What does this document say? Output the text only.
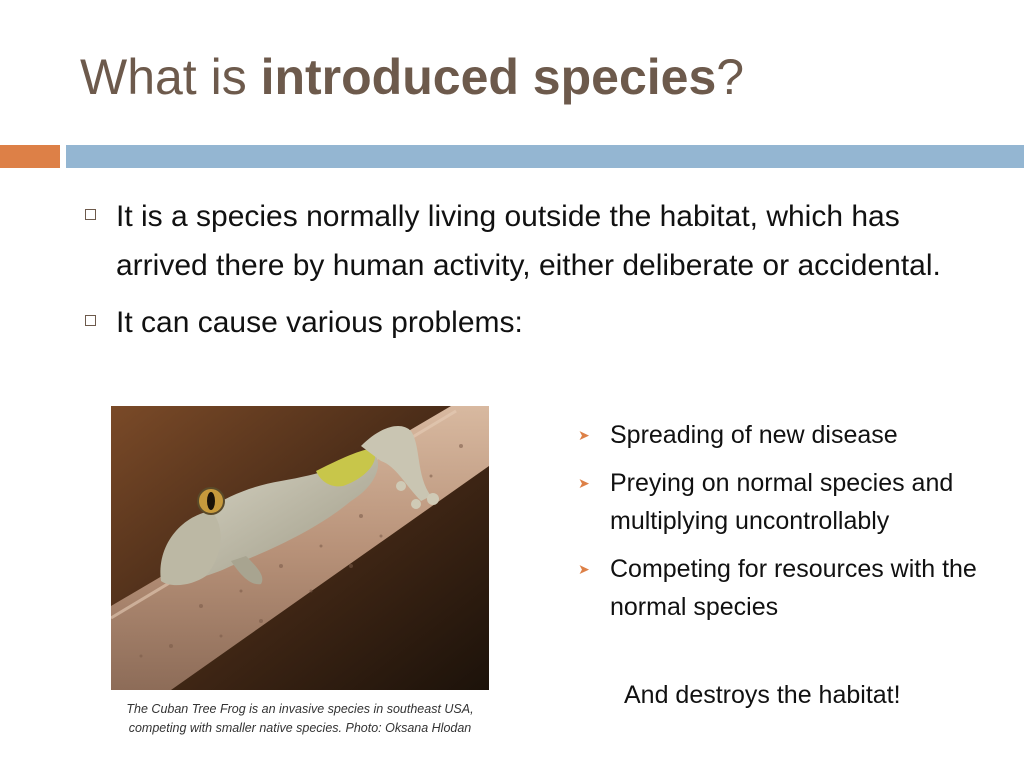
What is introduced species?
It is a species normally living outside the habitat, which has arrived there by human activity, either deliberate or accidental.
It can cause various problems:

The Cuban Tree Frog is an invasive species in southeast USA, competing with smaller native species. Photo: Oksana Hlodan

➤ Spreading of new disease
➤ Preying on normal species and multiplying uncontrollably
➤ Competing for resources with the normal species

And destroys the habitat!
